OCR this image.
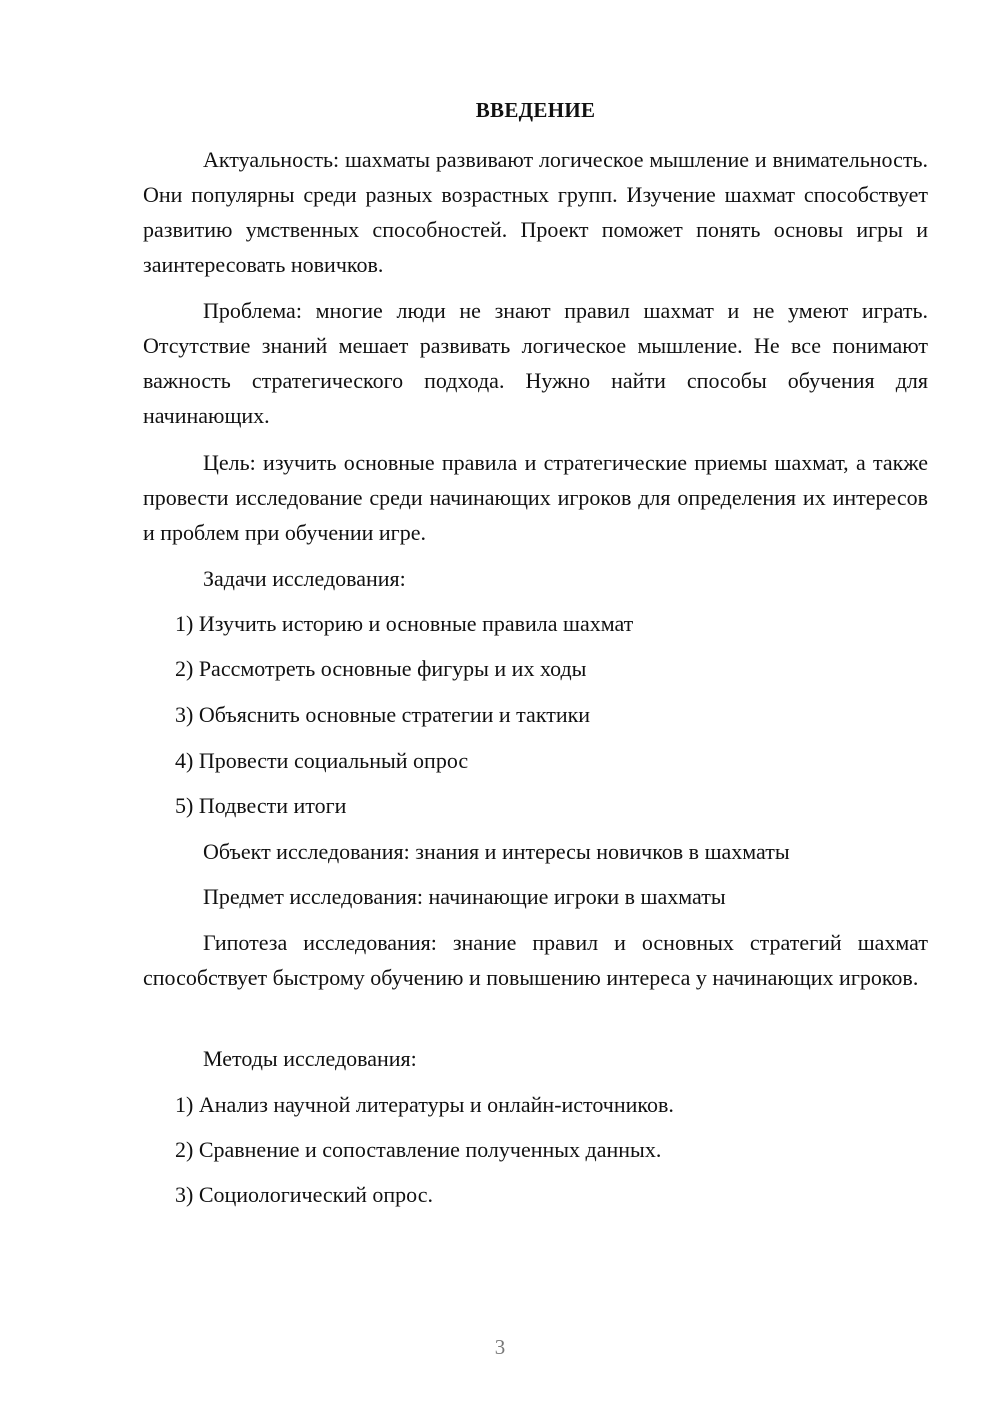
ВВЕДЕНИЕ

Актуальность: шахматы развивают логическое мышление и внимательность. Они популярны среди разных возрастных групп. Изучение шахмат способствует развитию умственных способностей. Проект поможет понять основы игры и заинтересовать новичков.

Проблема: многие люди не знают правил шахмат и не умеют играть. Отсутствие знаний мешает развивать логическое мышление. Не все понимают важность стратегического подхода. Нужно найти способы обучения для начинающих.

Цель: изучить основные правила и стратегические приемы шахмат, а также провести исследование среди начинающих игроков для определения их интересов и проблем при обучении игре.

Задачи исследования:

1) Изучить историю и основные правила шахмат

2) Рассмотреть основные фигуры и их ходы

3) Объяснить основные стратегии и тактики

4) Провести социальный опрос

5) Подвести итоги

Объект исследования: знания и интересы новичков в шахматы

Предмет исследования: начинающие игроки в шахматы

Гипотеза исследования: знание правил и основных стратегий шахмат способствует быстрому обучению и повышению интереса у начинающих игроков.

Методы исследования:

1) Анализ научной литературы и онлайн-источников.

2) Сравнение и сопоставление полученных данных.

3) Социологический опрос.

3
